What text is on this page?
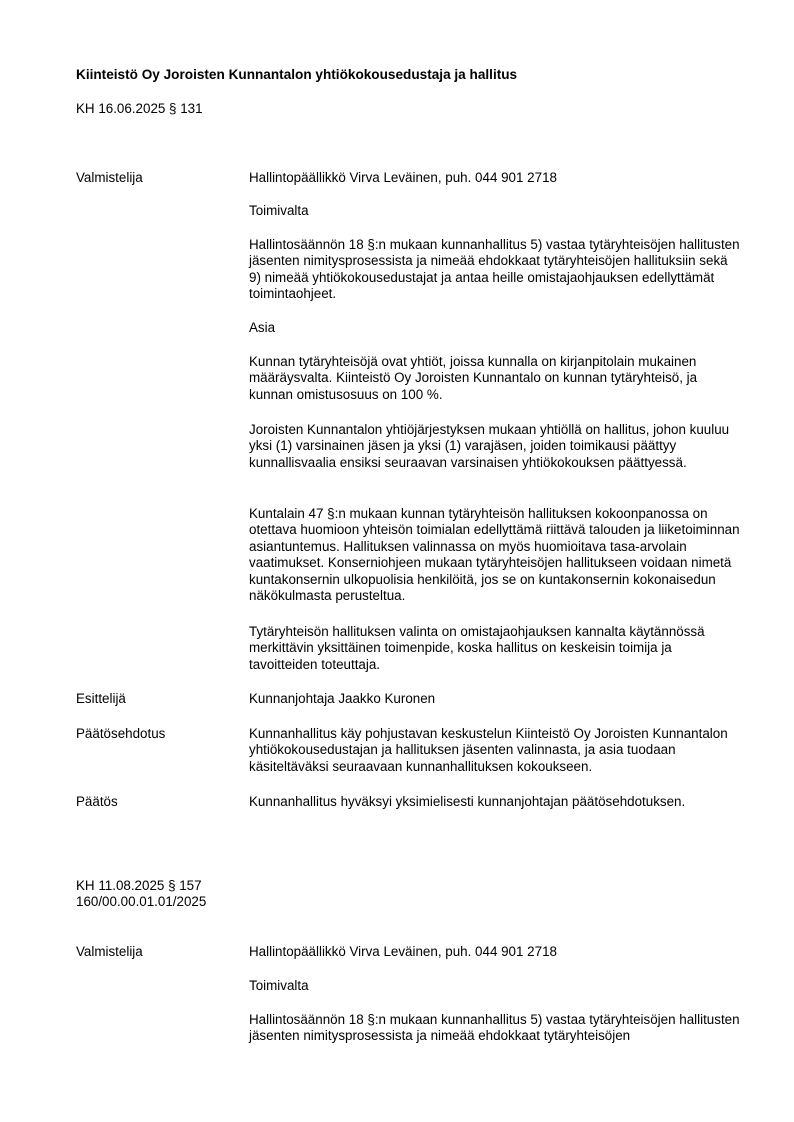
Kiinteistö Oy Joroisten Kunnantalon yhtiökokousedustaja ja hallitus
KH 16.06.2025 § 131
Valmistelija	Hallintopäällikkö Virva Leväinen, puh. 044 901 2718

Toimivalta

Hallintosäännön 18 §:n mukaan kunnanhallitus 5) vastaa tytäryhteisöjen hallitusten jäsenten nimitysprosessista ja nimeää ehdokkaat tytäryhteisöjen hallituksiin sekä 9) nimeää yhtiökokousedustajat ja antaa heille omistajaohjauksen edellyttämät toimintaohjeet.

Asia

Kunnan tytäryhteisöjä ovat yhtiöt, joissa kunnalla on kirjanpitolain mukainen määräysvalta. Kiinteistö Oy Joroisten Kunnantalo on kunnan tytäryhteisö, ja kunnan omistusosuus on 100 %.

Joroisten Kunnantalon yhtiöjärjestyksen mukaan yhtiöllä on hallitus, johon kuuluu yksi (1) varsinainen jäsen ja yksi (1) varajäsen, joiden toimikausi päättyy kunnallisvaalia ensiksi seuraavan varsinaisen yhtiökokouksen päättyessä.

Kuntalain 47 §:n mukaan kunnan tytäryhteisön hallituksen kokoonpanossa on otettava huomioon yhteisön toimialan edellyttämä riittävä talouden ja liiketoiminnan asiantuntemus. Hallituksen valinnassa on myös huomioitava tasa-arvolain vaatimukset. Konserniohjeen mukaan tytäryhteisöjen hallitukseen voidaan nimetä kuntakonsernin ulkopuolisia henkilöitä, jos se on kuntakonsernin kokonaisedun näkökulmasta perusteltua.

Tytäryhteisön hallituksen valinta on omistajaohjauksen kannalta käytännössä merkittävin yksittäinen toimenpide, koska hallitus on keskeisin toimija ja tavoitteiden toteuttaja.

Esittelijä	Kunnanjohtaja Jaakko Kuronen

Päätösehdotus	Kunnanhallitus käy pohjustavan keskustelun Kiinteistö Oy Joroisten Kunnantalon yhtiökokousedustajan ja hallituksen jäsenten valinnasta, ja asia tuodaan käsiteltäväksi seuraavaan kunnanhallituksen kokoukseen.

Päätös	Kunnanhallitus hyväksyi yksimielisesti kunnanjohtajan päätösehdotuksen.

KH 11.08.2025 § 157
160/00.00.01.01/2025
Valmistelija	Hallintopäällikkö Virva Leväinen, puh. 044 901 2718

Toimivalta

Hallintosäännön 18 §:n mukaan kunnanhallitus 5) vastaa tytäryhteisöjen hallitusten jäsenten nimitysprosessista ja nimeää ehdokkaat tytäryhteisöjen
